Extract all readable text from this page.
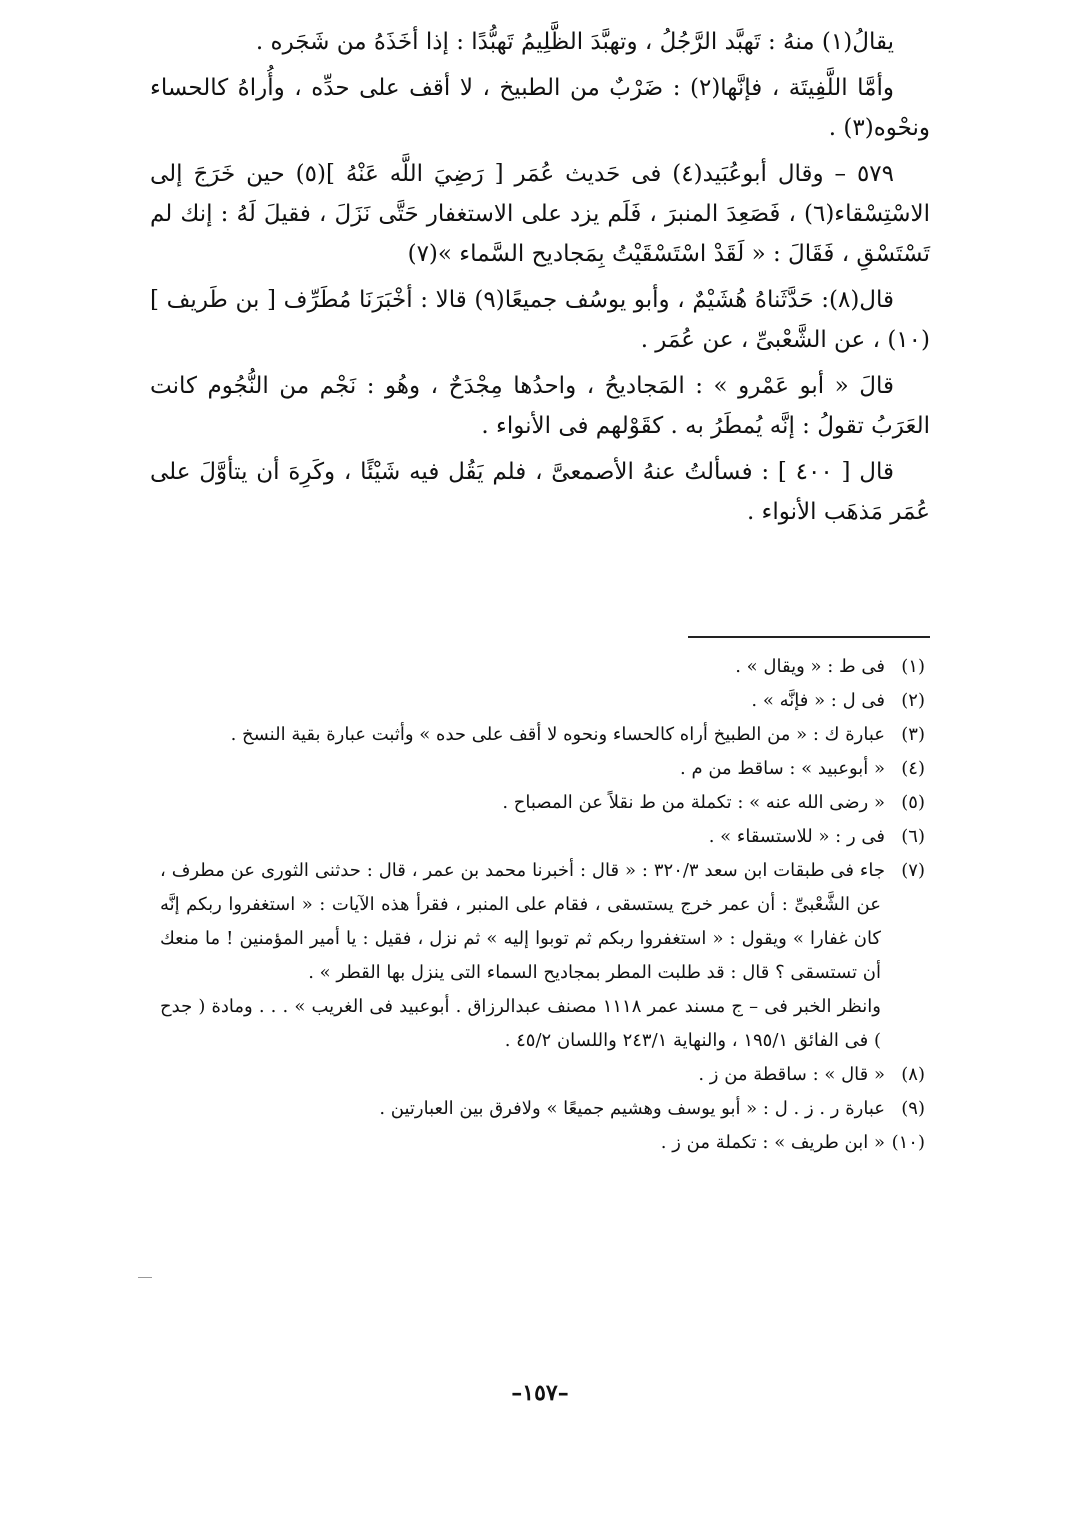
يقالُ(١) منهُ : تَهبَّد الرَّجُلُ ، وتهبَّدَ الظَّلِيمُ تَهبُّدًا : إذا أخَذَهُ من شَجَره .

وأمَّا اللَّفِيتَة ، فإنَّها(٢) : ضَرْبٌ من الطبيخ ، لا أقف على حدِّه ، وأُراهُ كالحساء ونحْوه(٣) .

٥٧٩ – وقال أبوعُبَيد(٤) فى حَديث عُمَر [ رَضِيَ اللَّه عَنْهُ ](٥) حين خَرَجَ إلى الاسْتِسْقاء(٦) ، فَصَعِدَ المنبرَ ، فَلَم يزد على الاستغفار حَتَّى نَزَلَ ، فقيلَ لَهُ : إنك لم تَسْتَسْقِ ، فَقَالَ : « لَقَدْ اسْتَسْقَيْتُ بِمَجاديح السَّماء »(٧)

قال(٨): حَدَّثَناهُ هُشَيْمٌ ، وأبو يوسُف جميعًا(٩) قالا : أخْبَرَنَا مُطَرِّف [ بن طَريف ](١٠) ، عن الشَّعْبىِّ ، عن عُمَر .

قالَ « أبو عَمْرو » : المَجاديحُ ، واحدُها مِجْدَحٌ ، وهُو : نَجْم من النُّجُوم كانت العَرَبُ تقولُ : إنَّه يُمطَرُ به . كقَوْلهم فى الأنواء .

قال [ ٤٠٠ ] : فسألتُ عنهُ الأصمعىَّ ، فلم يَقُل فيه شَيْئًا ، وكَرِهَ أن يتأوَّلَ على عُمَر مَذهَب الأنواء .

(١)فى ط : « ويقال » .

(٢)فى ل : « فإنَّه » .

(٣)عبارة ك : « من الطبيخ أراه كالحساء ونحوه لا أقف على حده » وأثبت عبارة بقية النسخ .

(٤)« أبوعبيد » : ساقط من م .

(٥)« رضى الله عنه » : تكملة من ط نقلاً عن المصباح .

(٦)فى ر : « للاستسقاء » .

(٧)جاء فى طبقات ابن سعد ٣٢٠/٣ : « قال : أخبرنا محمد بن عمر ، قال : حدثنى الثورى عن مطرف ، عن الشَّعْبىِّ : أن عمر خرج يستسقى ، فقام على المنبر ، فقرأ هذه الآيات : « استغفروا ربكم إنَّه كان غفارا » ويقول : « استغفروا ربكم ثم توبوا إليه » ثم نزل ، فقيل : يا أمير المؤمنين ! ما منعك أن تستسقى ؟ قال : قد طلبت المطر بمجاديح السماء التى ينزل بها القطر » .

وانظر الخبر فى – ج مسند عمر ١١١٨ مصنف عبدالرزاق . أبوعبيد فى الغريب » . . . ومادة ( جدح ) فى الفائق ١٩٥/١ ، والنهاية ٢٤٣/١ واللسان ٤٥/٢ .

(٨)« قال » : ساقطة من ز .

(٩)عبارة ر . ز . ل : « أبو يوسف وهشيم جميعًا » ولافرق بين العبارتين .

(١٠)« ابن طريف » : تكملة من ز .

–١٥٧–
